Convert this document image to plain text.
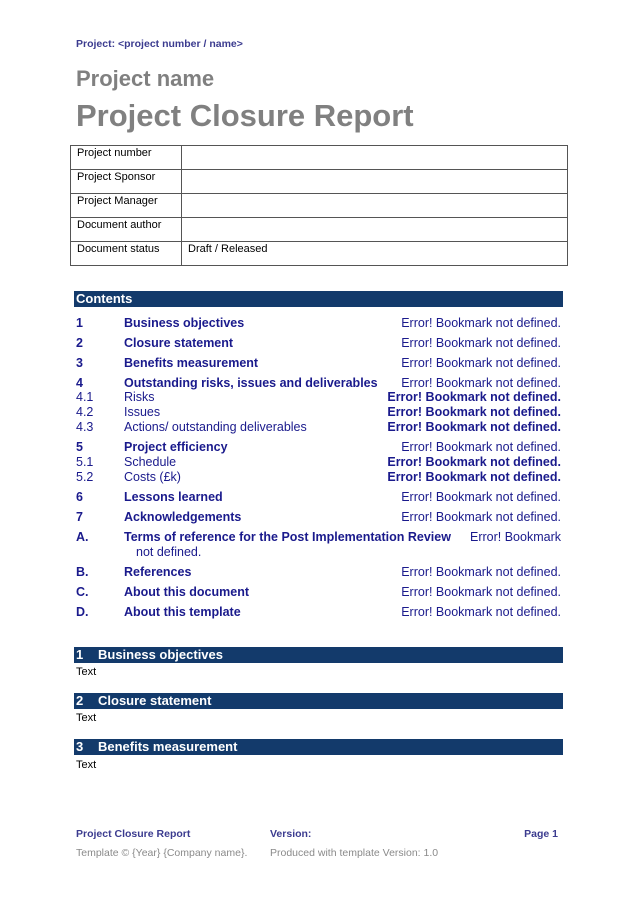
Project: <project number / name>
Project name
Project Closure Report
Project number	
Project Sponsor	
Project Manager	
Document author	
Document status	Draft / Released
Contents
1	Business objectives	Error! Bookmark not defined.
2	Closure statement	Error! Bookmark not defined.
3	Benefits measurement	Error! Bookmark not defined.
4	Outstanding risks, issues and deliverables Error! Bookmark not defined.
4.1 Risks	Error! Bookmark not defined.
4.2 Issues	Error! Bookmark not defined.
4.3 Actions/ outstanding deliverables	Error! Bookmark not defined.
5	Project efficiency	Error! Bookmark not defined.
5.1 Schedule	Error! Bookmark not defined.
5.2 Costs (£k)	Error! Bookmark not defined.
6	Lessons learned	Error! Bookmark not defined.
7	Acknowledgements	Error! Bookmark not defined.
A.	Terms of reference for the Post Implementation Review Error! Bookmark
not defined.
B.	References	Error! Bookmark not defined.
C.	About this document	Error! Bookmark not defined.
D.	About this template	Error! Bookmark not defined.
1 Business objectives
Text
2 Closure statement
Text
3 Benefits measurement
Text
Project Closure Report	Version:	Page 1
Template © {Year} {Company name}. Produced with template Version: 1.0
